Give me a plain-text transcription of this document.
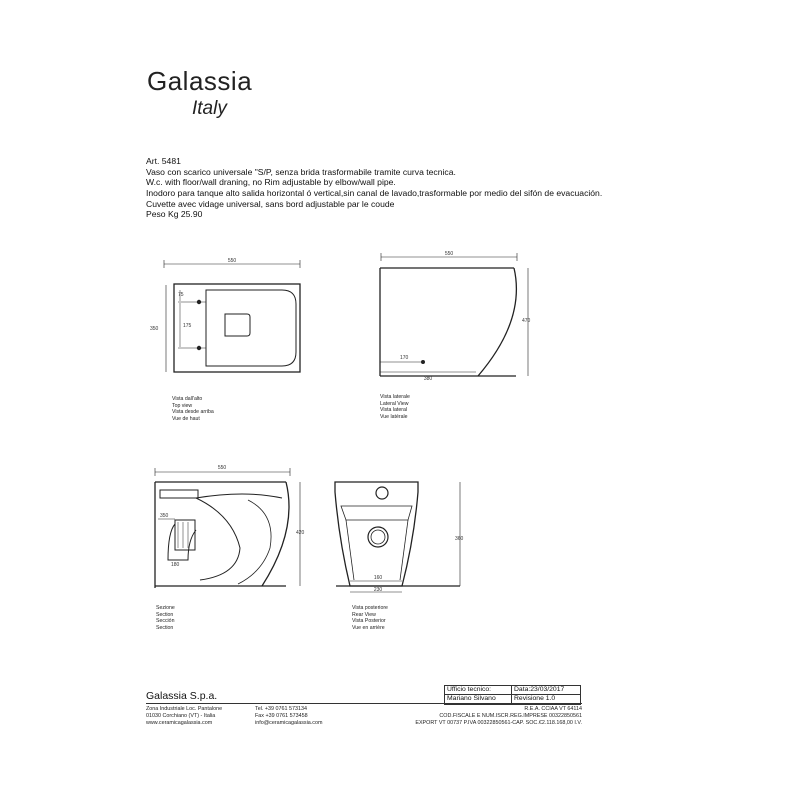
Galassia
Italy
Art. 5481
Vaso con scarico universale "S/P, senza brida trasformabile tramite curva tecnica.
W.c. with floor/wall draning, no Rim adjustable by elbow/wall pipe.
Inodoro para tanque alto salida horizontal ó vertical,sin canal de lavado,trasformable por medio del sifón de evacuación.
Cuvette avec vidage universal, sans bord adjustable par le coude
Peso Kg 25.90
550
350
75
175
550
470
170
380
550
420
350
180
360
160
230
Vista dall'alto
Top view
Vista desde arriba
Vue de haut
Vista laterale
Lateral View
Vista lateral
Vue latérale
Sezione
Section
Sección
Section
Vista posteriore
Rear View
Vista Posterior
Vue en arrière
Galassia S.p.a.
Zona Industriale Loc. Pantalone
01030 Corchiano (VT) - Italia
www.ceramicagalassia.com
Tel. +39 0761 573134
Fax +39 0761 573458
info@ceramicagalassia.com
R.E.A. CCIAA VT 64114
COD.FISCALE E NUM.ISCR.REG.IMPRESE 00322850561
EXPORT VT 00737 P.IVA 00322850561-CAP. SOC.€2.118.168,00 I.V.
Ufficio tecnico:	Data:23/03/2017
Mariano Silvano	Revisione 1.0
